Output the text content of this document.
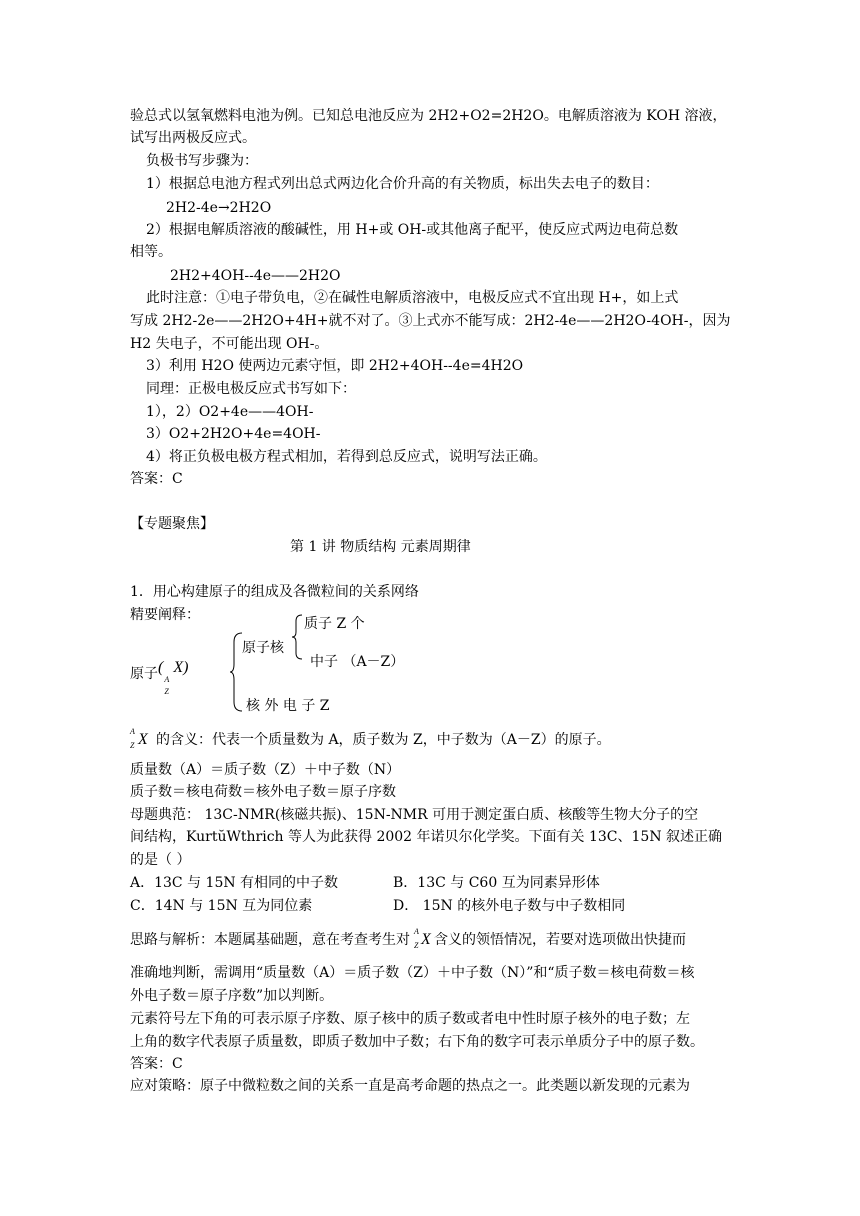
验总式以氢氧燃料电池为例。已知总电池反应为 2H2+O2=2H2O。电解质溶液为 KOH 溶液，
试写出两极反应式。
负极书写步骤为：
1）根据总电池方程式列出总式两边化合价升高的有关物质，标出失去电子的数目：
2H2-4e→2H2O
2）根据电解质溶液的酸碱性，用 H+或 OH-或其他离子配平，使反应式两边电荷总数
相等。
2H2+4OH--4e——2H2O
此时注意：①电子带负电，②在碱性电解质溶液中，电极反应式不宜出现 H+，如上式
写成 2H2-2e——2H2O+4H+就不对了。③上式亦不能写成：2H2-4e——2H2O-4OH-，因为
H2 失电子，不可能出现 OH-。
3）利用 H2O 使两边元素守恒，即 2H2+4OH--4e=4H2O
同理：正极电极反应式书写如下：
1），2）O2+4e——4OH-
3）O2+2H2O+4e=4OH-
4）将正负极电极方程式相加，若得到总反应式，说明写法正确。
答案：C
【专题聚焦】
第 1 讲 物质结构 元素周期律
1．用心构建原子的组成及各微粒间的关系网络
精要阐释：
原子 (
A
Z
X)
原子核
质子 Z 个
中子 （A－Z）
核 外 电 子 Z
A
Z X 的含义：代表一个质量数为 A，质子数为 Z，中子数为（A－Z）的原子。
质量数（A）＝质子数（Z）＋中子数（N）
质子数＝核电荷数＝核外电子数＝原子序数
母题典范： 13C-NMR(核磁共振)、15N-NMR 可用于测定蛋白质、核酸等生物大分子的空
间结构，KurtŭWthrich 等人为此获得 2002 年诺贝尔化学奖。下面有关 13C、15N 叙述正确
的是（ ）
A．13C 与 15N 有相同的中子数	B．13C 与 C60 互为同素异形体
C．14N 与 15N 互为同位素	D． 15N 的核外电子数与中子数相同
思路与解析：本题属基础题，意在考查考生对
A
Z X 含义的领悟情况，若要对选项做出快捷而
准确地判断，需调用“质量数（A）＝质子数（Z）＋中子数（N）”和“质子数＝核电荷数＝核
外电子数＝原子序数”加以判断。
元素符号左下角的可表示原子序数、原子核中的质子数或者电中性时原子核外的电子数；左
上角的数字代表原子质量数，即质子数加中子数；右下角的数字可表示单质分子中的原子数。
答案：C
应对策略：原子中微粒数之间的关系一直是高考命题的热点之一。此类题以新发现的元素为
